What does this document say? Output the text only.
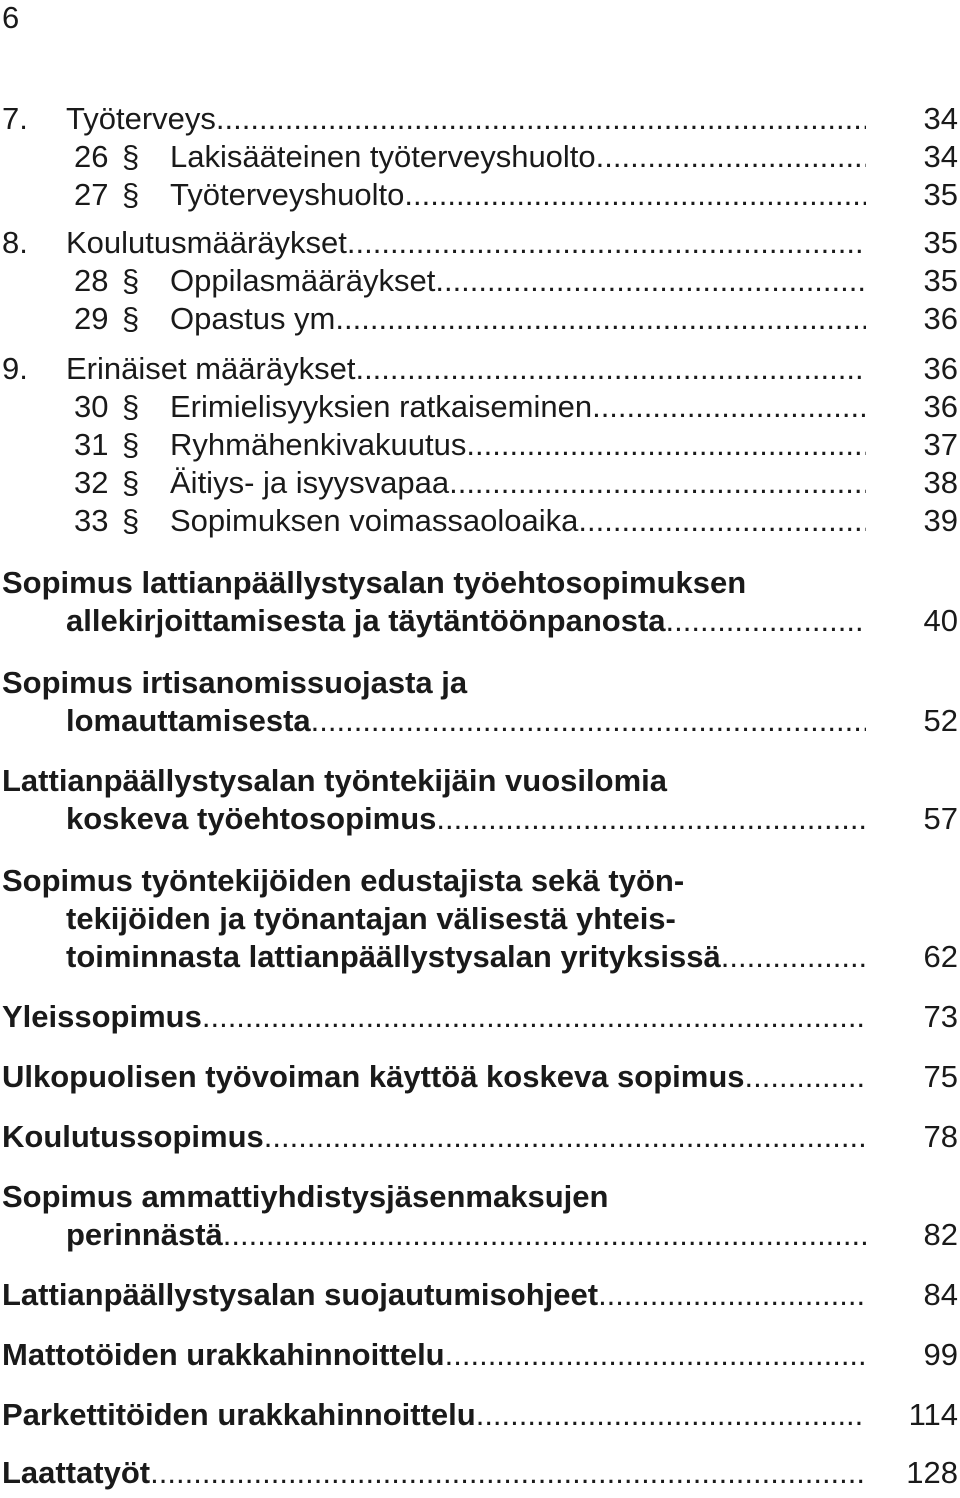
6
7. Työterveys .....	34
26 § Lakisääteinen työterveyshuolto .....	34
27 § Työterveyshuolto .....	35
8. Koulutusmääräykset .....	35
28 § Oppilasmääräykset .....	35
29 § Opastus ym. .....	36
9. Erinäiset määräykset .....	36
30 § Erimielisyyksien ratkaiseminen .....	36
31 § Ryhmähenkivakuutus .....	37
32 § Äitiys- ja isyysvapaa .....	38
33 § Sopimuksen voimassaoloaika .....	39
Sopimus lattianpäällystysalan työehtosopimuksen
allekirjoittamisesta ja täytäntöönpanosta .....	40
Sopimus irtisanomissuojasta ja
lomauttamisesta .....	52
Lattianpäällystysalan työntekijäin vuosilomia
koskeva työehtosopimus .....	57
Sopimus työntekijöiden edustajista sekä työn-
tekijöiden ja työnantajan välisestä yhteis-
toiminnasta lattianpäällystysalan yrityksissä .....	62
Yleissopimus .....	73
Ulkopuolisen työvoiman käyttöä koskeva sopimus .....	75
Koulutussopimus .....	78
Sopimus ammattiyhdistysjäsenmaksujen
perinnästä .....	82
Lattianpäällystysalan suojautumisohjeet .....	84
Mattotöiden urakkahinnoittelu .....	99
Parkettitöiden urakkahinnoittelu .....	114
Laattatyöt .....	128
